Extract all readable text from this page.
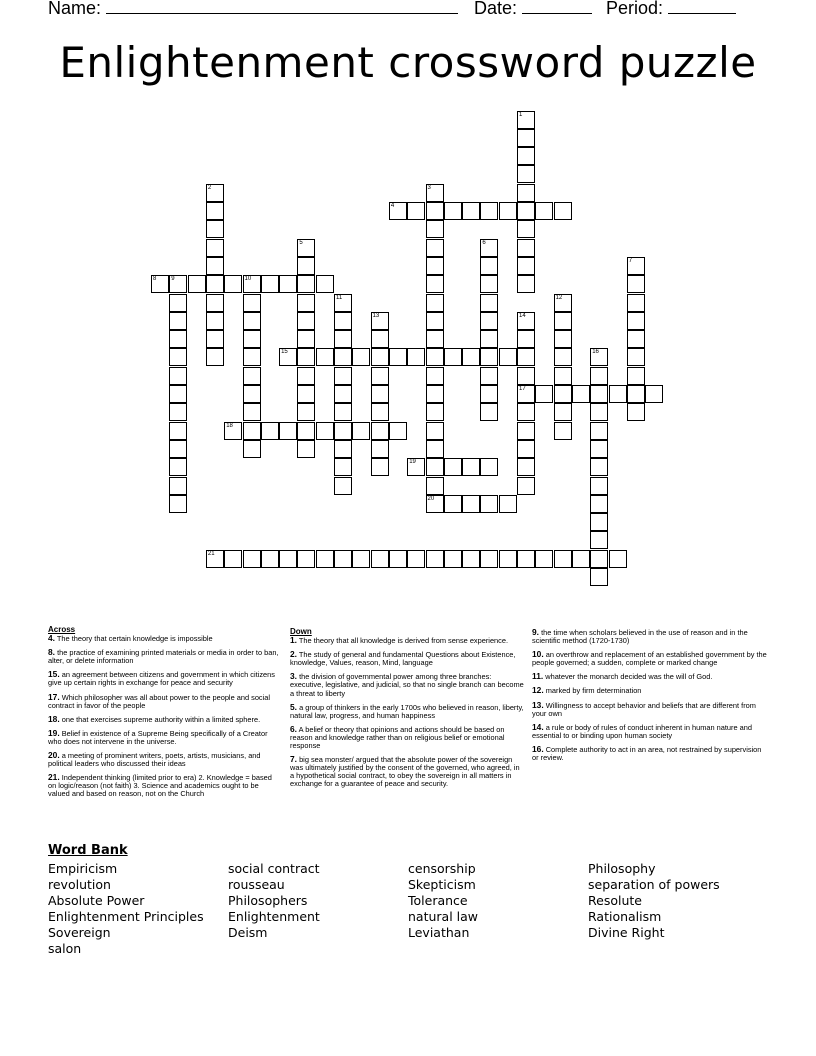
Name:	Date:	Period:
Enlightenment crossword puzzle
1
2	3
20
4
5	6
7
8 9	10
11	12
13	14
17
15	16
18
19
21
Across
4. The theory that certain knowledge is impossible
8. the practice of examining printed materials or media in order to ban, alter, or delete information
15. an agreement between citizens and government in which citizens give up certain rights in exchange for peace and security
17. Which philosopher was all about power to the people and social contract in favor of the people
18. one that exercises supreme authority within a limited sphere.
19. Belief in existence of a Supreme Being specifically of a Creator who does not intervene in the universe.
20. a meeting of prominent writers, poets, artists, musicians, and political leaders who discussed their ideas
21. Independent thinking (limited prior to era) 2. Knowledge = based on logic/reason (not faith) 3. Science and academics ought to be valued and based on reason, not on the Church
Down
1. The theory that all knowledge is derived from sense experience.
2. The study of general and fundamental Questions about Existence, knowledge, Values, reason, Mind, language
3. the division of governmental power among three branches: executive, legislative, and judicial, so that no single branch can become a threat to liberty
5. a group of thinkers in the early 1700s who believed in reason, liberty, natural law, progress, and human happiness
6. A belief or theory that opinions and actions should be based on reason and knowledge rather than on religious belief or emotional response
7. big sea monster/ argued that the absolute power of the sovereign was ultimately justified by the consent of the governed, who agreed, in a hypothetical social contract, to obey the sovereign in all matters in exchange for a guarantee of peace and security.
9. the time when scholars believed in the use of reason and in the scientific method (1720-1730)
10. an overthrow and replacement of an established government by the people governed; a sudden, complete or marked change
11. whatever the monarch decided was the will of God.
12. marked by firm determination
13. Willingness to accept behavior and beliefs that are different from your own
14. a rule or body of rules of conduct inherent in human nature and essential to or binding upon human society
16. Complete authority to act in an area, not restrained by supervision or review.
Word Bank
Empiricism	social contract	censorship	Philosophy
revolution	rousseau	Skepticism	separation of powers
Absolute Power	Philosophers	Tolerance	Resolute
Enlightenment Principles	Enlightenment	natural law	Rationalism
Sovereign	Deism	Leviathan	Divine Right
salon
